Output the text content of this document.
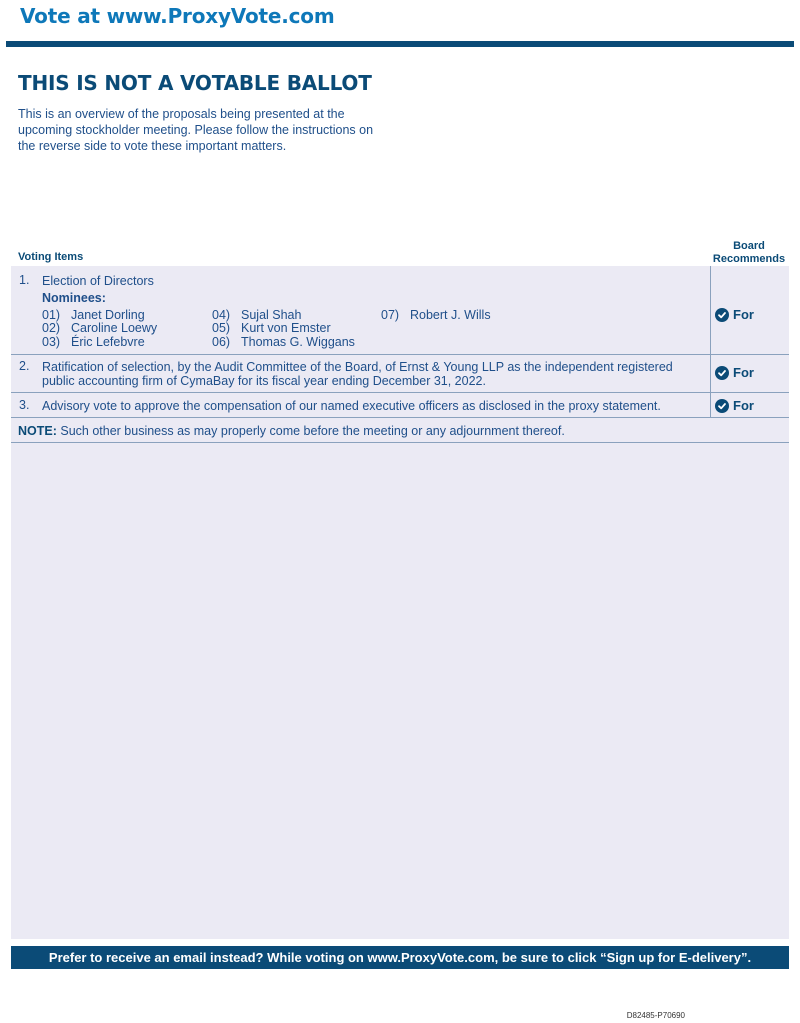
Vote at www.ProxyVote.com
THIS IS NOT A VOTABLE BALLOT
This is an overview of the proposals being presented at the
upcoming stockholder meeting. Please follow the instructions on
the reverse side to vote these important matters.
Voting Items
Board
Recommends
1. Election of Directors
Nominees:
01) Janet Dorling
02) Caroline Loewy
03) Éric Lefebvre
04) Sujal Shah
05) Kurt von Emster
06) Thomas G. Wiggans
07) Robert J. Wills	For
2. Ratification of selection, by the Audit Committee of the Board, of Ernst & Young LLP as the independent registered
public accounting firm of CymaBay for its fiscal year ending December 31, 2022.
For
3. Advisory vote to approve the compensation of our named executive officers as disclosed in the proxy statement.	For
NOTE: Such other business as may properly come before the meeting or any adjournment thereof.
Prefer to receive an email instead? While voting on www.ProxyVote.com, be sure to click “Sign up for E-delivery”.
D82485-P70690
